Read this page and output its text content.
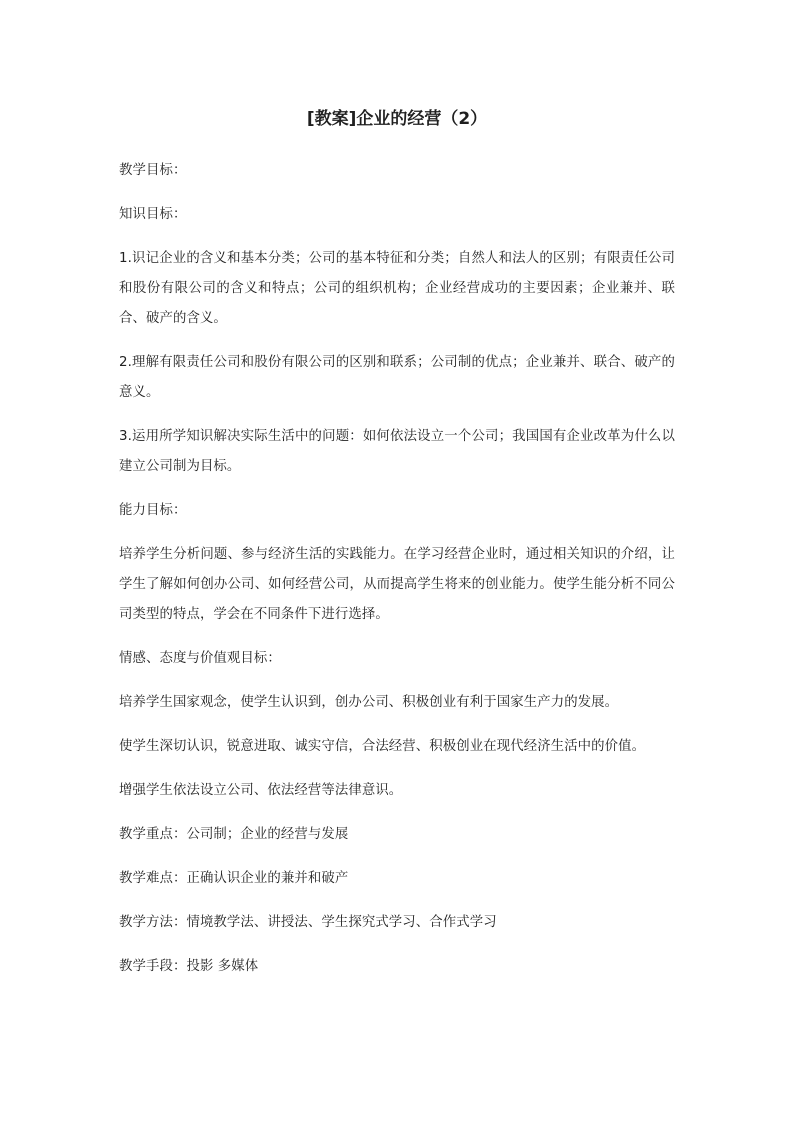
[教案]企业的经营（2）

教学目标：

知识目标：

1.识记企业的含义和基本分类；公司的基本特征和分类；自然人和法人的区别；有限责任公司和股份有限公司的含义和特点；公司的组织机构；企业经营成功的主要因素；企业兼并、联合、破产的含义。

2.理解有限责任公司和股份有限公司的区别和联系；公司制的优点；企业兼并、联合、破产的意义。

3.运用所学知识解决实际生活中的问题：如何依法设立一个公司；我国国有企业改革为什么以建立公司制为目标。

能力目标：

培养学生分析问题、参与经济生活的实践能力。在学习经营企业时，通过相关知识的介绍，让学生了解如何创办公司、如何经营公司，从而提高学生将来的创业能力。使学生能分析不同公司类型的特点，学会在不同条件下进行选择。

情感、态度与价值观目标：

培养学生国家观念，使学生认识到，创办公司、积极创业有利于国家生产力的发展。

使学生深切认识，锐意进取、诚实守信，合法经营、积极创业在现代经济生活中的价值。

增强学生依法设立公司、依法经营等法律意识。

教学重点：公司制；企业的经营与发展

教学难点：正确认识企业的兼并和破产

教学方法：情境教学法、讲授法、学生探究式学习、合作式学习

教学手段：投影 多媒体
